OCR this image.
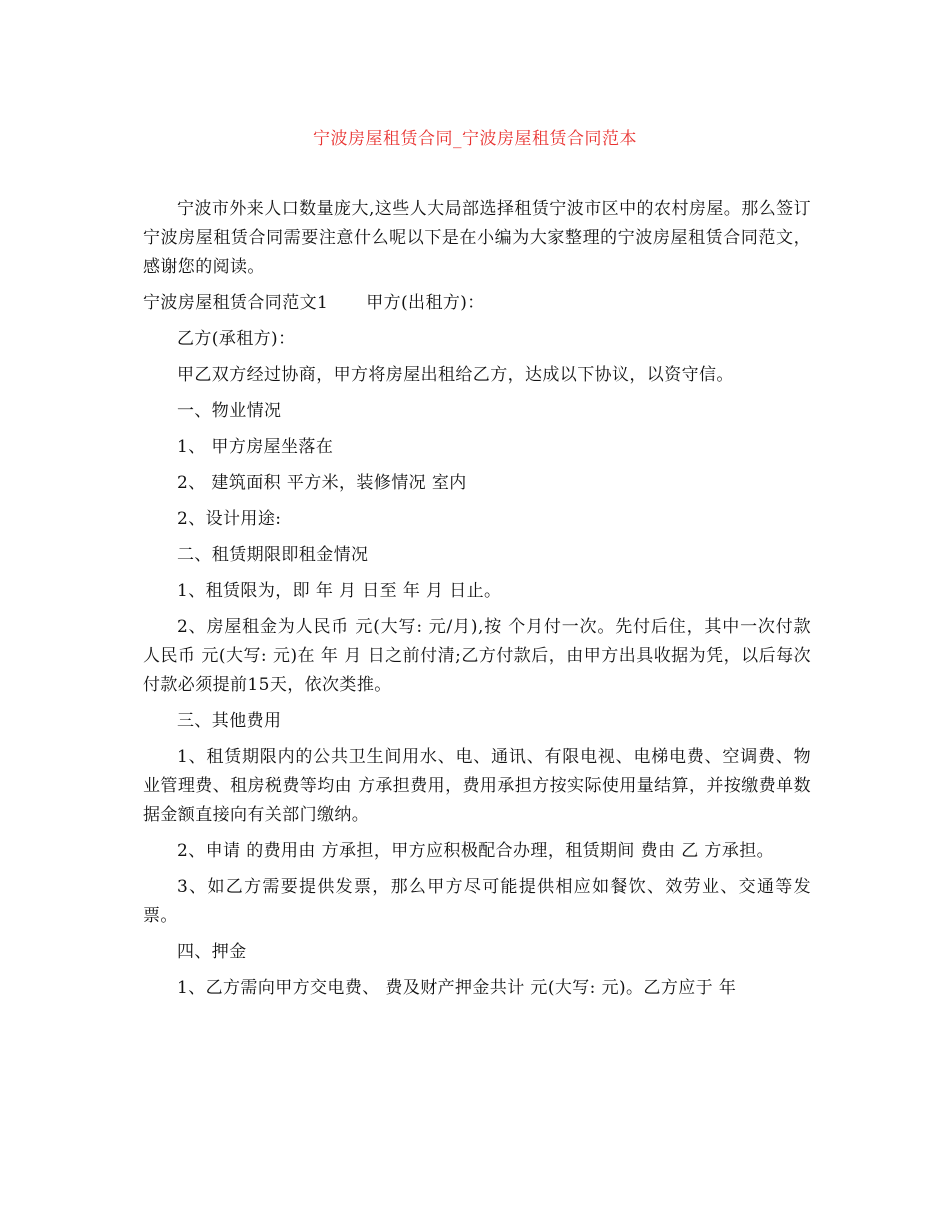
宁波房屋租赁合同_宁波房屋租赁合同范本

宁波市外来人口数量庞大,这些人大局部选择租赁宁波市区中的农村房屋。那么签订宁波房屋租赁合同需要注意什么呢以下是在小编为大家整理的宁波房屋租赁合同范文，感谢您的阅读。

宁波房屋租赁合同范文1 甲方(出租方)：

乙方(承租方)：

甲乙双方经过协商，甲方将房屋出租给乙方，达成以下协议，以资守信。

一、物业情况

1、 甲方房屋坐落在

2、 建筑面积 平方米，装修情况 室内

2、设计用途:

二、租赁期限即租金情况

1、租赁限为，即 年 月 日至 年 月 日止。

2、房屋租金为人民币 元(大写: 元/月),按 个月付一次。先付后住，其中一次付款人民币 元(大写: 元)在 年 月 日之前付清;乙方付款后，由甲方出具收据为凭，以后每次付款必须提前15天，依次类推。

三、其他费用

1、租赁期限内的公共卫生间用水、电、通讯、有限电视、电梯电费、空调费、物业管理费、租房税费等均由 方承担费用，费用承担方按实际使用量结算，并按缴费单数据金额直接向有关部门缴纳。

2、申请 的费用由 方承担，甲方应积极配合办理，租赁期间 费由 乙 方承担。

3、如乙方需要提供发票，那么甲方尽可能提供相应如餐饮、效劳业、交通等发票。

四、押金

1、乙方需向甲方交电费、 费及财产押金共计 元(大写: 元)。乙方应于 年
